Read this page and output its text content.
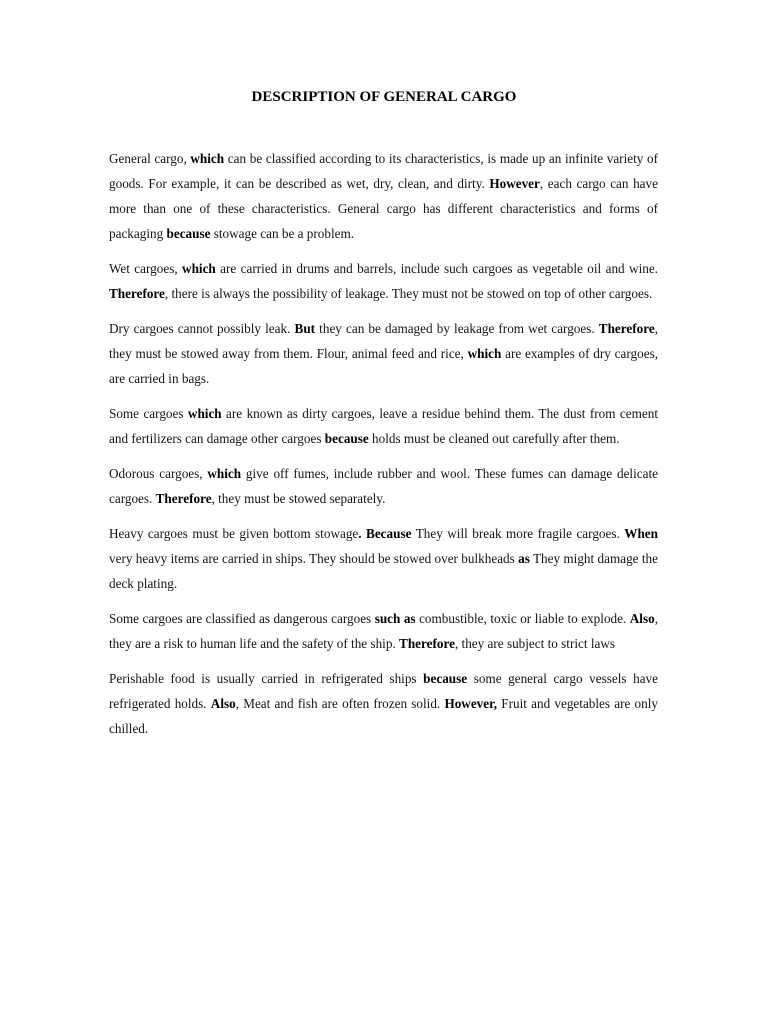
DESCRIPTION OF GENERAL CARGO

General cargo, which can be classified according to its characteristics, is made up an infinite variety of goods. For example, it can be described as wet, dry, clean, and dirty. However, each cargo can have more than one of these characteristics. General cargo has different characteristics and forms of packaging because stowage can be a problem.

Wet cargoes, which are carried in drums and barrels, include such cargoes as vegetable oil and wine. Therefore, there is always the possibility of leakage. They must not be stowed on top of other cargoes.

Dry cargoes cannot possibly leak. But they can be damaged by leakage from wet cargoes. Therefore, they must be stowed away from them. Flour, animal feed and rice, which are examples of dry cargoes, are carried in bags.

Some cargoes which are known as dirty cargoes, leave a residue behind them. The dust from cement and fertilizers can damage other cargoes because holds must be cleaned out carefully after them.

Odorous cargoes, which give off fumes, include rubber and wool. These fumes can damage delicate cargoes. Therefore, they must be stowed separately.

Heavy cargoes must be given bottom stowage. Because They will break more fragile cargoes. When very heavy items are carried in ships. They should be stowed over bulkheads as They might damage the deck plating.

Some cargoes are classified as dangerous cargoes such as combustible, toxic or liable to explode. Also, they are a risk to human life and the safety of the ship. Therefore, they are subject to strict laws

Perishable food is usually carried in refrigerated ships because some general cargo vessels have refrigerated holds. Also, Meat and fish are often frozen solid. However, Fruit and vegetables are only chilled.
